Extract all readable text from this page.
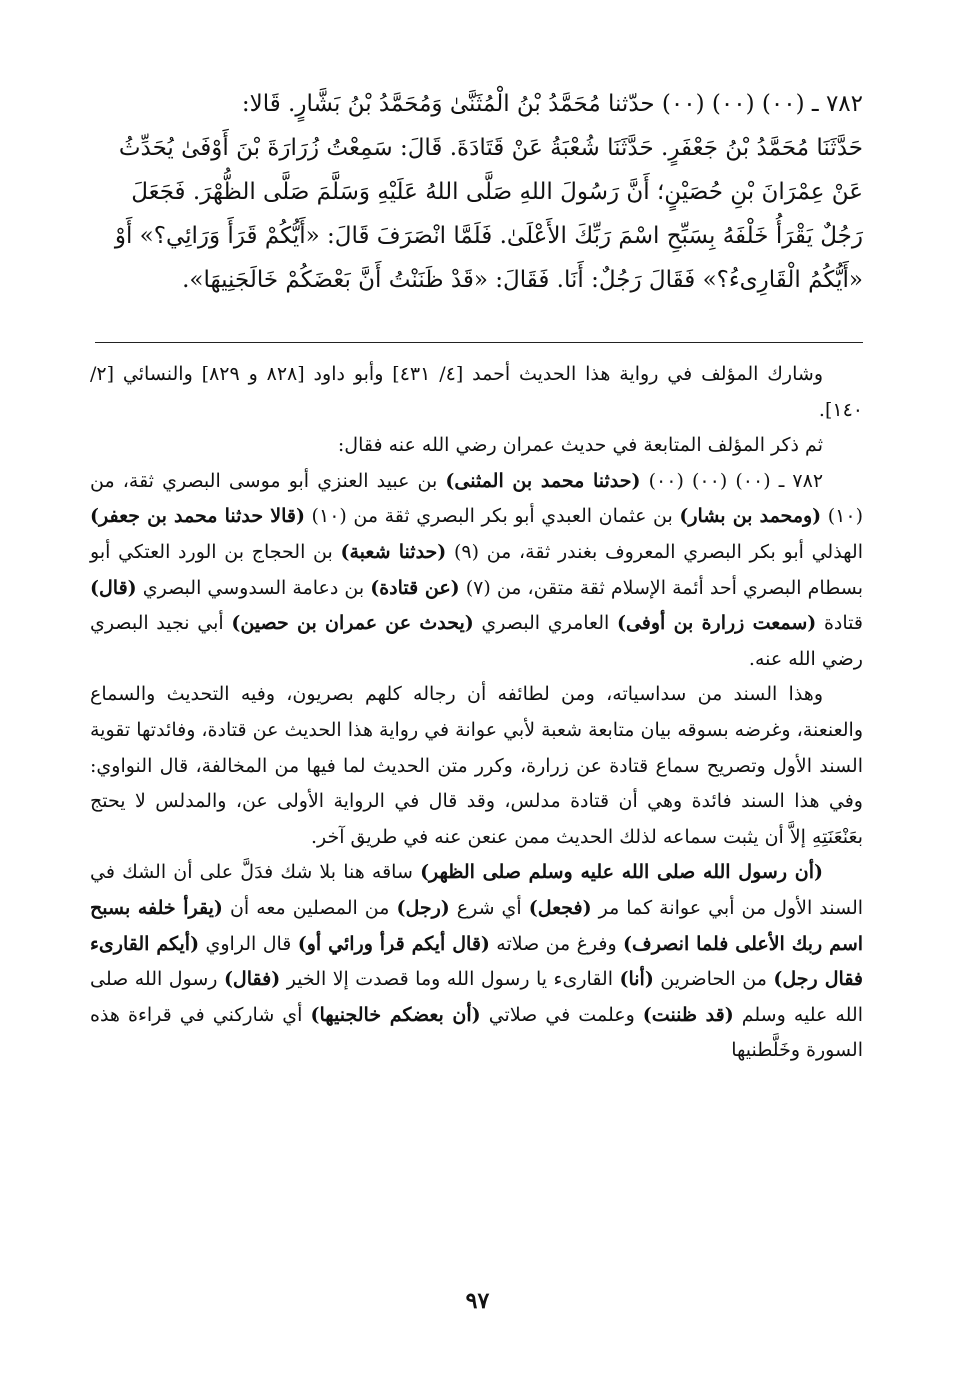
٧٨٢ ـ (٠٠) (٠٠) (٠٠) حدّثنا مُحَمَّدُ بْنُ الْمُثَنَّىٰ وَمُحَمَّدُ بْنُ بَشَّارٍ. قَالا:

حَدَّثَنَا مُحَمَّدُ بْنُ جَعْفَرٍ. حَدَّثَنَا شُعْبَةُ عَنْ قَتَادَةَ. قَالَ: سَمِعْتُ زُرَارَةَ بْنَ أَوْفَىٰ يُحَدِّثُ

عَنْ عِمْرَانَ بْنِ حُصَيْنٍ؛ أَنَّ رَسُولَ اللهِ صَلَّى اللهُ عَلَيْهِ وَسَلَّمَ صَلَّى الظُّهْرَ. فَجَعَلَ

رَجُلٌ يَقْرَأُ خَلْفَهُ بِسَبِّحِ اسْمَ رَبِّكَ الأَعْلَىٰ. فَلَمَّا انْصَرَفَ قَالَ: «أَيُّكُمْ قَرَأَ وَرَائِي؟» أَوْ

«أَيُّكُمُ الْقَارِىءُ؟» فَقَالَ رَجُلٌ: أَنَا. فَقَالَ: «قَدْ ظَنَنْتُ أَنَّ بَعْضَكُمْ خَالَجَنِيهَا».

وشارك المؤلف في رواية هذا الحديث أحمد [٤/ ٤٣١] وأبو داود [٨٢٨ و ٨٢٩] والنسائي [٢/ ١٤٠].

ثم ذكر المؤلف المتابعة في حديث عمران رضي الله عنه فقال:

٧٨٢ ـ (٠٠) (٠٠) (٠٠) (حدثنا محمد بن المثنى) بن عبيد العنزي أبو موسى البصري ثقة، من (١٠) (ومحمد بن بشار) بن عثمان العبدي أبو بكر البصري ثقة من (١٠) (قالا حدثنا محمد بن جعفر) الهذلي أبو بكر البصري المعروف بغندر ثقة، من (٩) (حدثنا شعبة) بن الحجاج بن الورد العتكي أبو بسطام البصري أحد أئمة الإسلام ثقة متقن، من (٧) (عن قتادة) بن دعامة السدوسي البصري (قال) قتادة (سمعت زرارة بن أوفى) العامري البصري (يحدث عن عمران بن حصين) أبي نجيد البصري رضي الله عنه.

وهذا السند من سداسياته، ومن لطائفه أن رجاله كلهم بصريون، وفيه التحديث والسماع والعنعنة، وغرضه بسوقه بيان متابعة شعبة لأبي عوانة في رواية هذا الحديث عن قتادة، وفائدتها تقوية السند الأول وتصريح سماع قتادة عن زرارة، وكرر متن الحديث لما فيها من المخالفة، قال النواوي: وفي هذا السند فائدة وهي أن قتادة مدلس، وقد قال في الرواية الأولى عن، والمدلس لا يحتج بعَنْعَنَتِهِ إلاَّ أن يثبت سماعه لذلك الحديث ممن عنعن عنه في طريق آخر.

(أن رسول الله صلى الله عليه وسلم صلى الظهر) ساقه هنا بلا شك فدَلَّ على أن الشك في السند الأول من أبي عوانة كما مر (فجعل) أي شرع (رجل) من المصلين معه أن (يقرأ خلفه بسبح اسم ربك الأعلى فلما انصرف) وفرغ من صلاته (قال أيكم قرأ ورائي أو) قال الراوي (أيكم القارىء فقال رجل) من الحاضرين (أنا) القارىء يا رسول الله وما قصدت إلا الخير (فقال) رسول الله صلى الله عليه وسلم (قد ظننت) وعلمت في صلاتي (أن بعضكم خالجنيها) أي شاركني في قراءة هذه السورة وخَلَّطنيها

٩٧
